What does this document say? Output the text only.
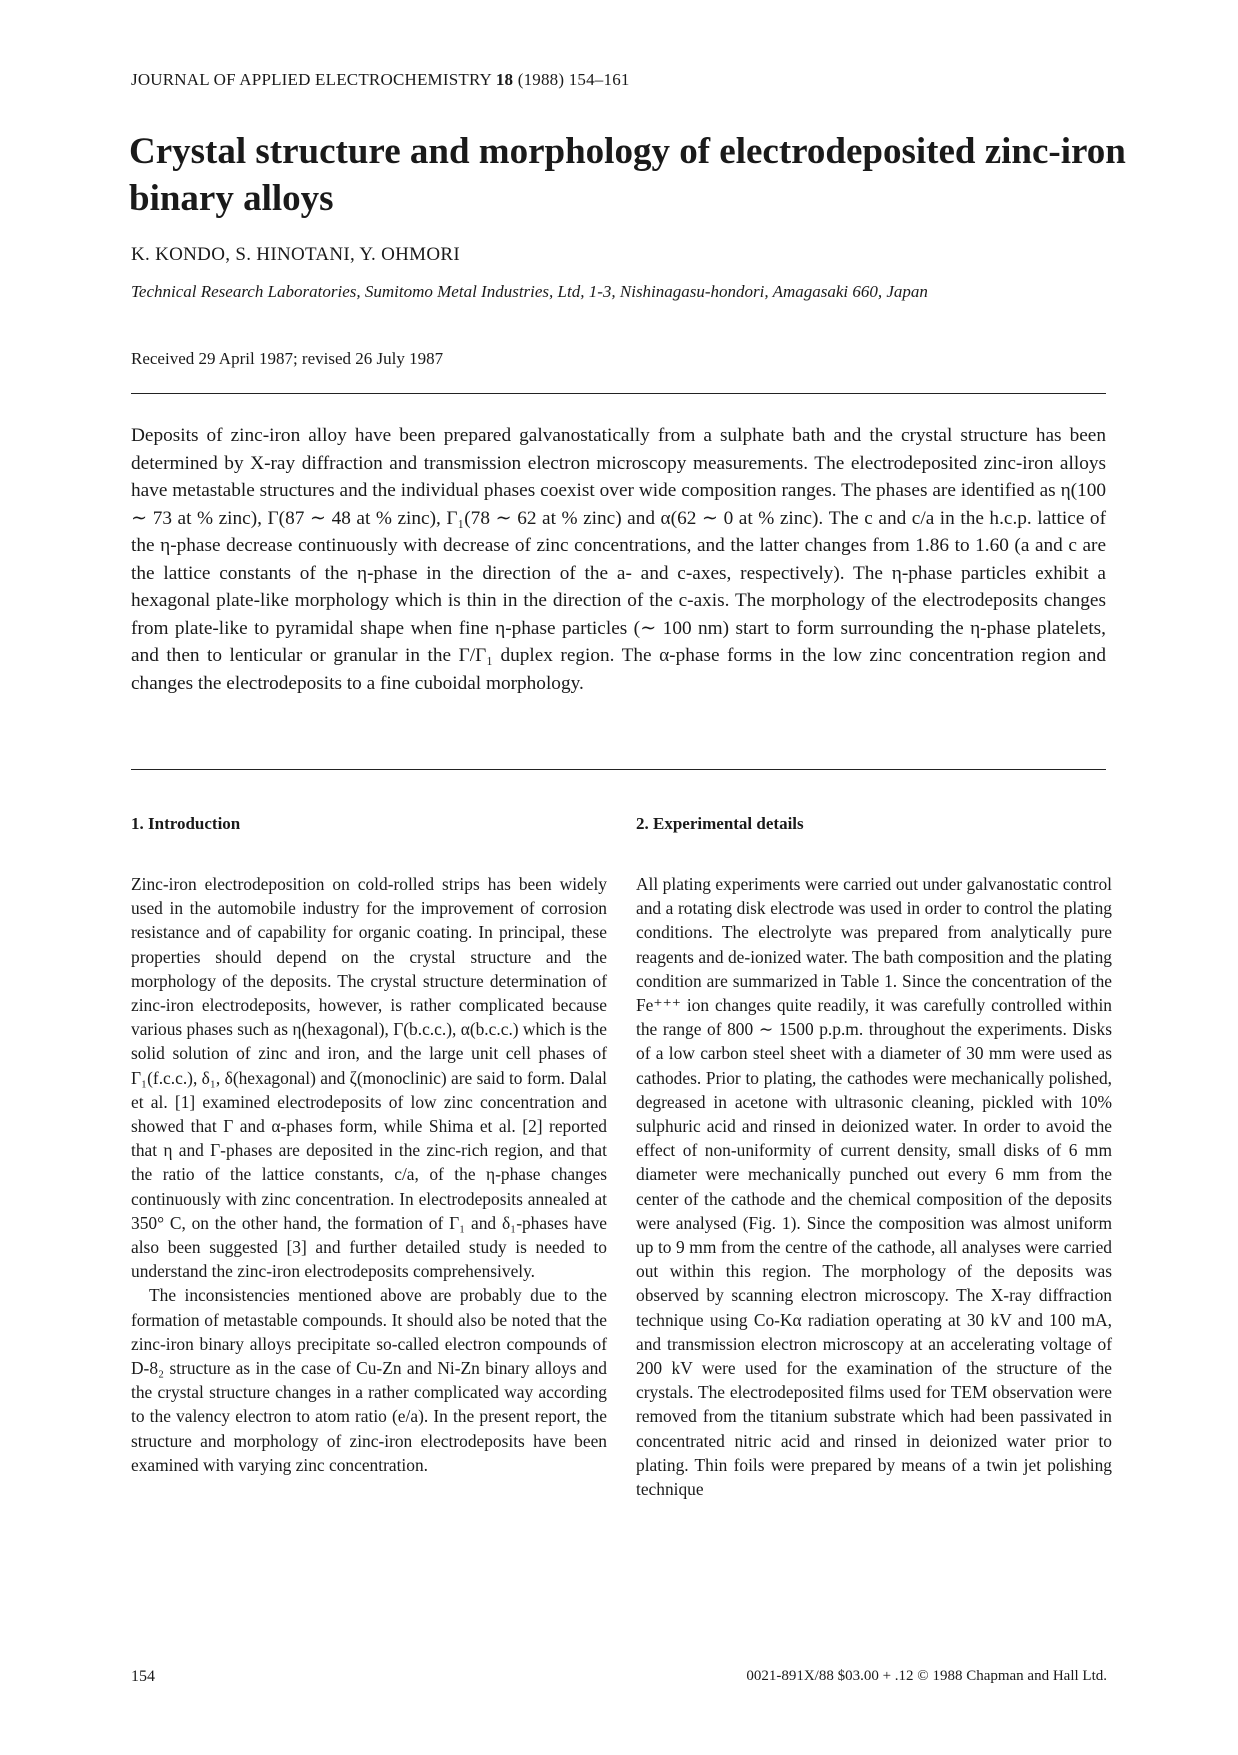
JOURNAL OF APPLIED ELECTROCHEMISTRY 18 (1988) 154–161
Crystal structure and morphology of electrodeposited zinc-iron binary alloys
K. KONDO, S. HINOTANI, Y. OHMORI
Technical Research Laboratories, Sumitomo Metal Industries, Ltd, 1-3, Nishinagasu-hondori, Amagasaki 660, Japan
Received 29 April 1987; revised 26 July 1987

Deposits of zinc-iron alloy have been prepared galvanostatically from a sulphate bath and the crystal structure has been determined by X-ray diffraction and transmission electron microscopy measurements. The electrodeposited zinc-iron alloys have metastable structures and the individual phases coexist over wide composition ranges. The phases are identified as η(100 ∼ 73 at % zinc), Γ(87 ∼ 48 at % zinc), Γ₁(78 ∼ 62 at % zinc) and α(62 ∼ 0 at % zinc). The c and c/a in the h.c.p. lattice of the η-phase decrease continuously with decrease of zinc concentrations, and the latter changes from 1.86 to 1.60 (a and c are the lattice constants of the η-phase in the direction of the a- and c-axes, respectively). The η-phase particles exhibit a hexagonal plate-like morphology which is thin in the direction of the c-axis. The morphology of the electrodeposits changes from plate-like to pyramidal shape when fine η-phase particles (∼ 100 nm) start to form surrounding the η-phase platelets, and then to lenticular or granular in the Γ/Γ₁ duplex region. The α-phase forms in the low zinc concentration region and changes the electrodeposits to a fine cuboidal morphology.

1. Introduction

Zinc-iron electrodeposition on cold-rolled strips has been widely used in the automobile industry for the improvement of corrosion resistance and of capability for organic coating. In principal, these properties should depend on the crystal structure and the morphology of the deposits. The crystal structure determination of zinc-iron electrodeposits, however, is rather complicated because various phases such as η(hexagonal), Γ(b.c.c.), α(b.c.c.) which is the solid solution of zinc and iron, and the large unit cell phases of Γ₁(f.c.c.), δ₁, δ(hexagonal) and ζ(monoclinic) are said to form. Dalal et al. [1] examined electrodeposits of low zinc concentration and showed that Γ and α-phases form, while Shima et al. [2] reported that η and Γ-phases are deposited in the zinc-rich region, and that the ratio of the lattice constants, c/a, of the η-phase changes continuously with zinc concentration. In electrodeposits annealed at 350° C, on the other hand, the formation of Γ₁ and δ₁-phases have also been suggested [3] and further detailed study is needed to understand the zinc-iron electrodeposits comprehensively.

The inconsistencies mentioned above are probably due to the formation of metastable compounds. It should also be noted that the zinc-iron binary alloys precipitate so-called electron compounds of D-8₂ structure as in the case of Cu-Zn and Ni-Zn binary alloys and the crystal structure changes in a rather complicated way according to the valency electron to atom ratio (e/a). In the present report, the structure and morphology of zinc-iron electrodeposits have been examined with varying zinc concentration.

2. Experimental details

All plating experiments were carried out under galvanostatic control and a rotating disk electrode was used in order to control the plating conditions. The electrolyte was prepared from analytically pure reagents and de-ionized water. The bath composition and the plating condition are summarized in Table 1. Since the concentration of the Fe⁺⁺⁺ ion changes quite readily, it was carefully controlled within the range of 800 ∼ 1500 p.p.m. throughout the experiments. Disks of a low carbon steel sheet with a diameter of 30 mm were used as cathodes. Prior to plating, the cathodes were mechanically polished, degreased in acetone with ultrasonic cleaning, pickled with 10% sulphuric acid and rinsed in deionized water. In order to avoid the effect of non-uniformity of current density, small disks of 6 mm diameter were mechanically punched out every 6 mm from the center of the cathode and the chemical composition of the deposits were analysed (Fig. 1). Since the composition was almost uniform up to 9 mm from the centre of the cathode, all analyses were carried out within this region. The morphology of the deposits was observed by scanning electron microscopy. The X-ray diffraction technique using Co-Kα radiation operating at 30 kV and 100 mA, and transmission electron microscopy at an accelerating voltage of 200 kV were used for the examination of the structure of the crystals. The electrodeposited films used for TEM observation were removed from the titanium substrate which had been passivated in concentrated nitric acid and rinsed in deionized water prior to plating. Thin foils were prepared by means of a twin jet polishing technique

154	0021-891X/88 $03.00 + .12 © 1988 Chapman and Hall Ltd.
